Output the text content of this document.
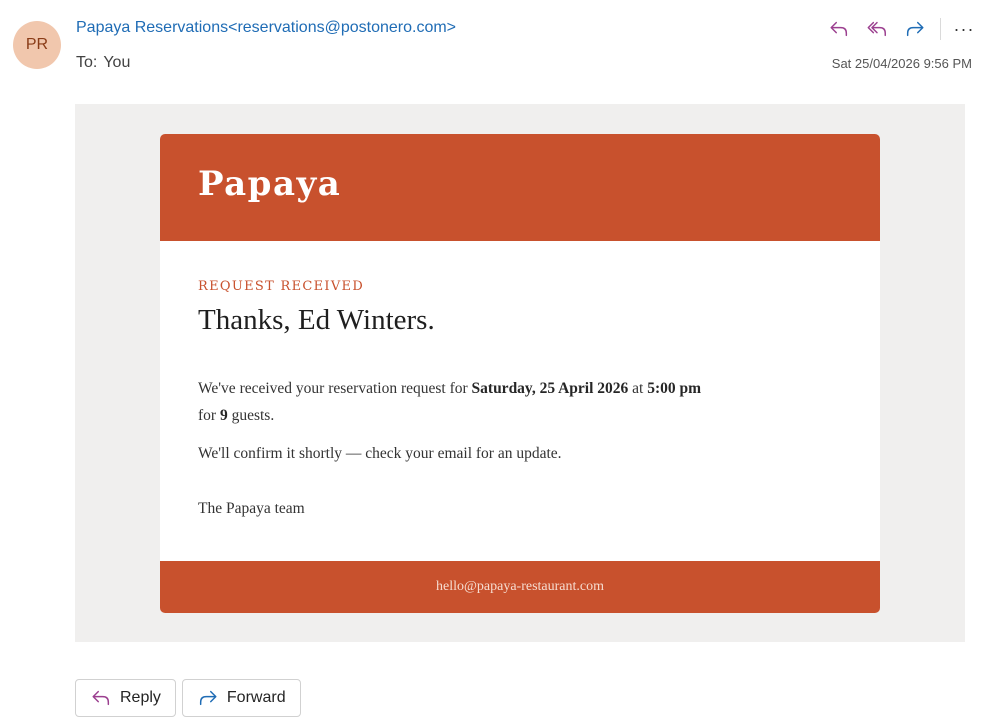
PR
Papaya Reservations<reservations@postonero.com>
To: You	Sat 25/04/2026 9:56 PM
···
Papaya
REQUEST RECEIVED
Thanks, Ed Winters.
We've received your reservation request for Saturday, 25 April 2026 at 5:00 pm
for 9 guests.
We'll confirm it shortly — check your email for an update.
The Papaya team
hello@papaya-restaurant.com
Reply	Forward
